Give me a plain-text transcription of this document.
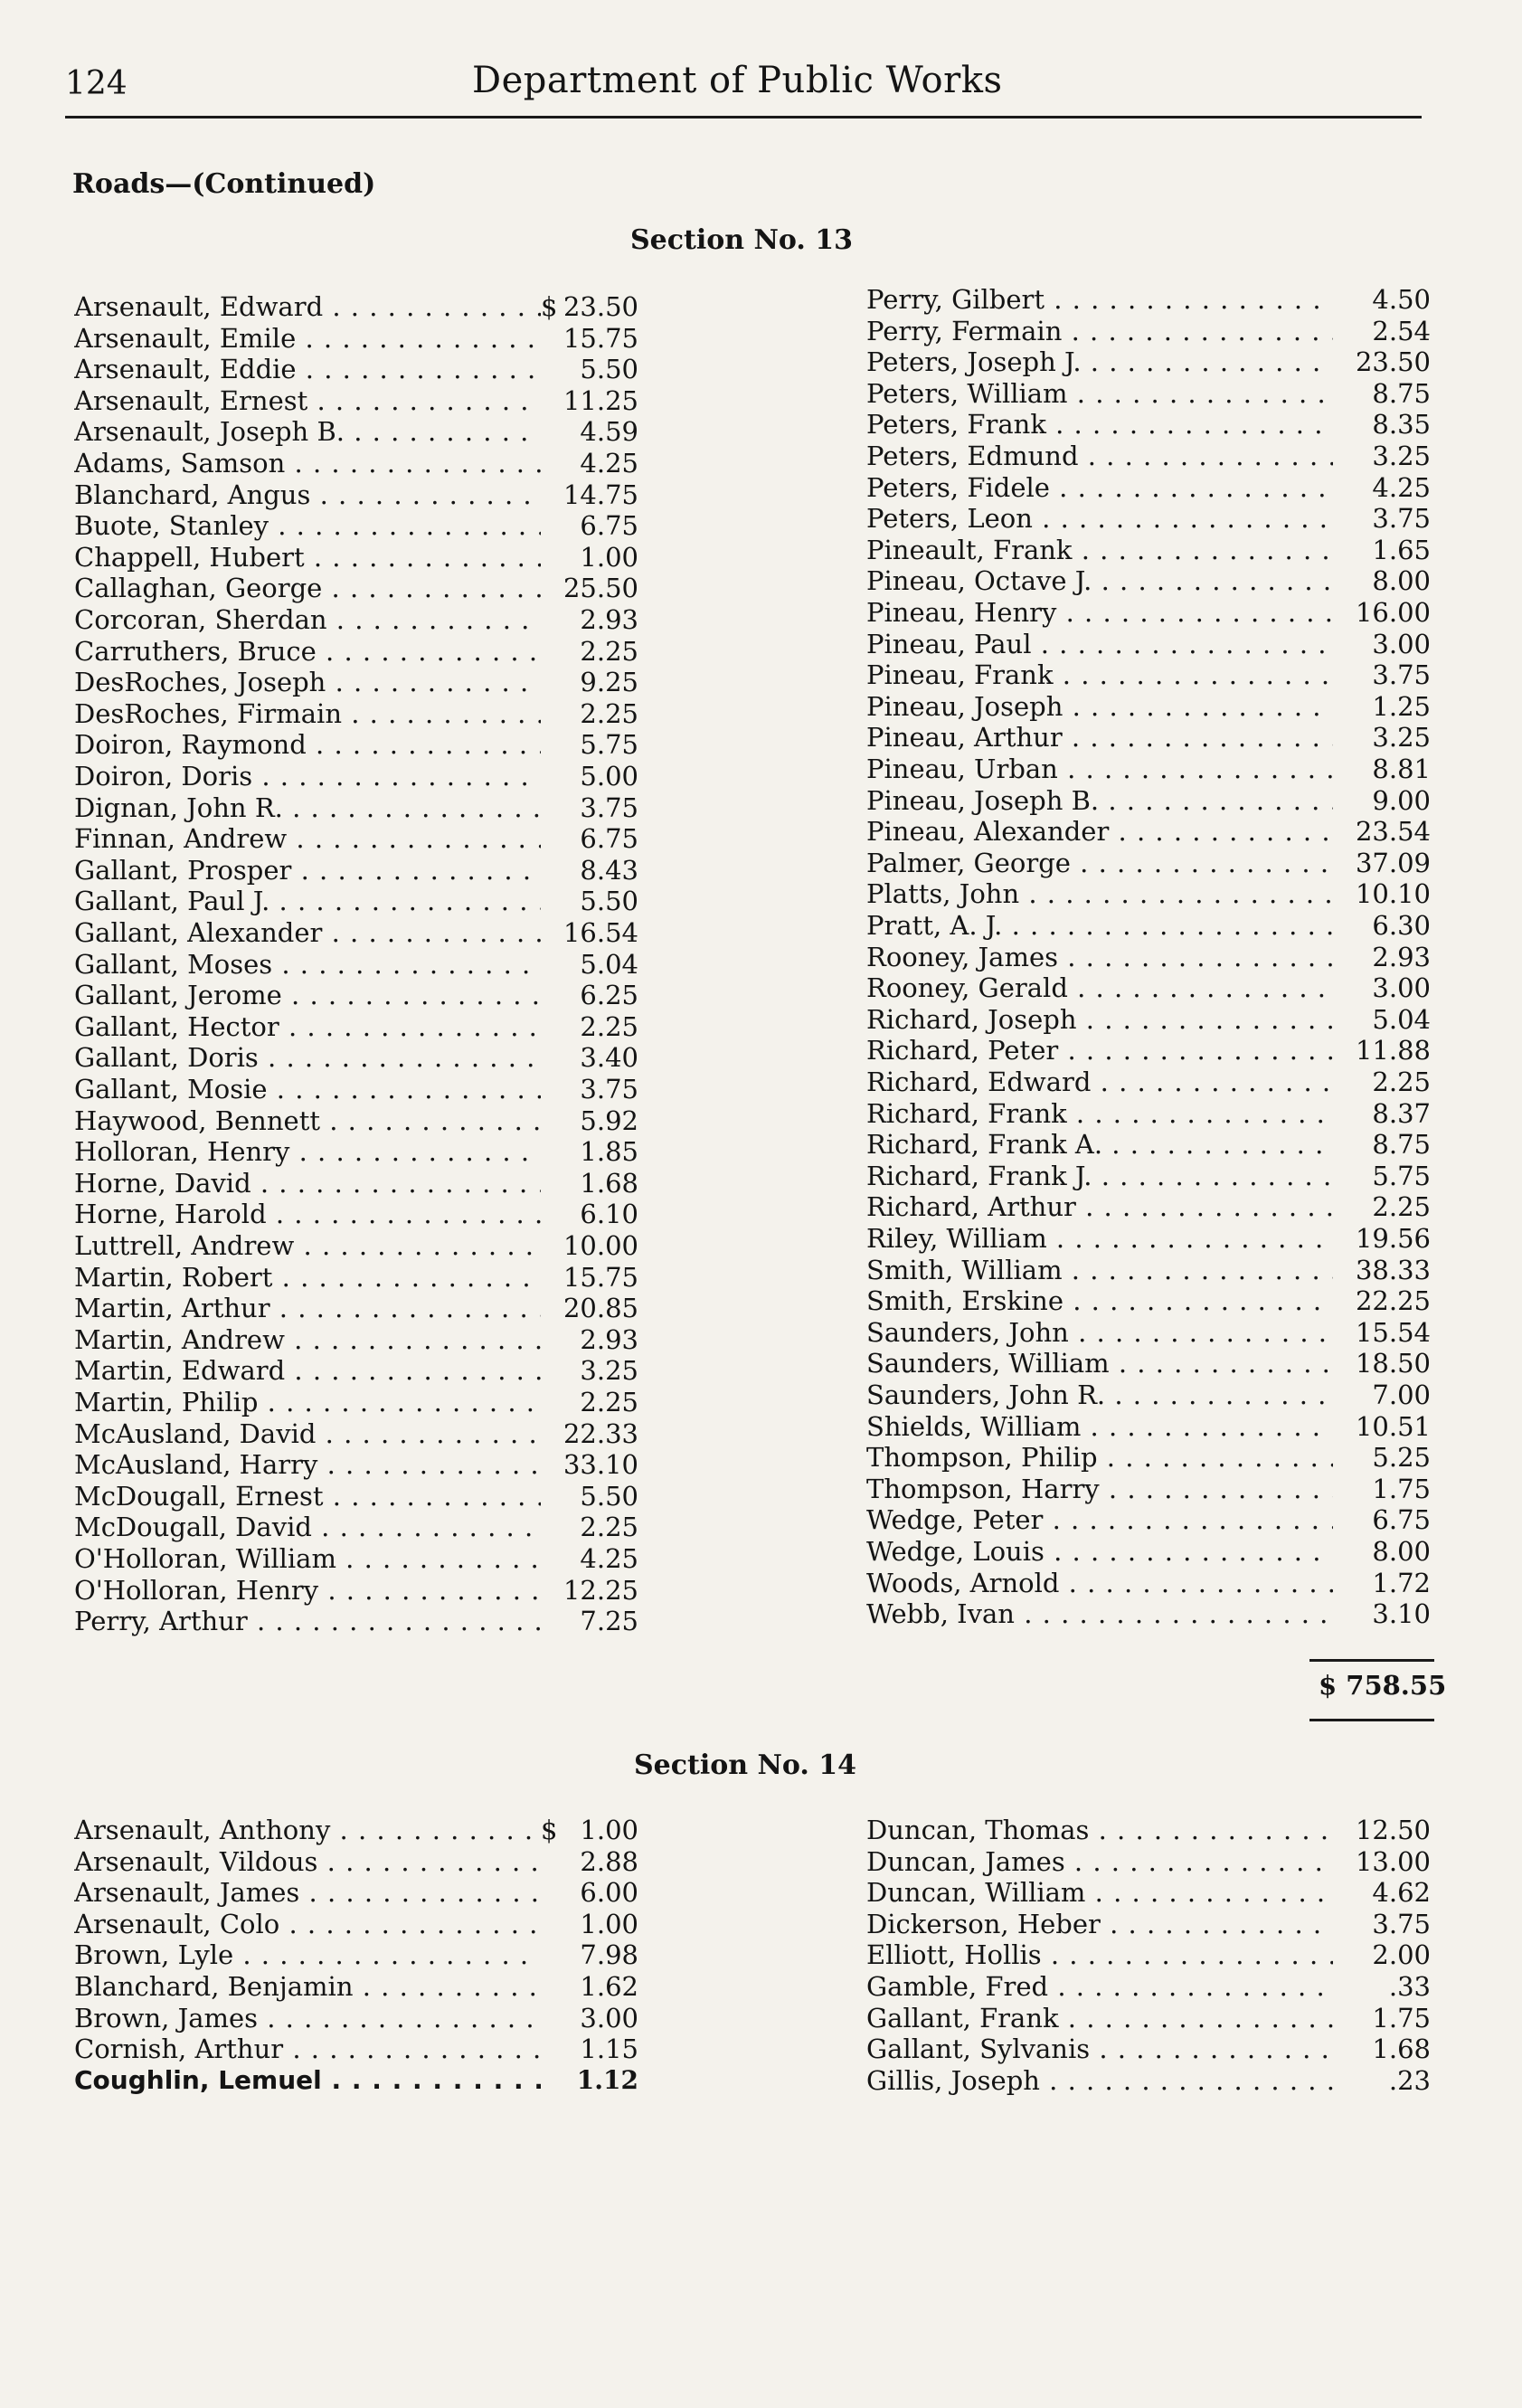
124	Department of Public Works
Roads—(Continued)
Section No. 13
Arsenault, Edward . . .	$ 23.50
Arsenault, Emile . . .	15.75
Arsenault, Eddie . . .	5.50
Arsenault, Ernest . . .	11.25
Arsenault, Joseph B. . . .	4.59
Adams, Samson . . .	4.25
Blanchard, Angus . . .	14.75
Buote, Stanley . . .	6.75
Chappell, Hubert . . .	1.00
Callaghan, George . . .	25.50
Corcoran, Sherdan . . .	2.93
Carruthers, Bruce . . .	2.25
DesRoches, Joseph . . .	9.25
DesRoches, Firmain . . .	2.25
Doiron, Raymond . . .	5.75
Doiron, Doris . . .	5.00
Dignan, John R. . . .	3.75
Finnan, Andrew . . .	6.75
Gallant, Prosper . . .	8.43
Gallant, Paul J. . . .	5.50
Gallant, Alexander . . .	16.54
Gallant, Moses . . .	5.04
Gallant, Jerome . . .	6.25
Gallant, Hector . . .	2.25
Gallant, Doris . . .	3.40
Gallant, Mosie . . .	3.75
Haywood, Bennett . . .	5.92
Holloran, Henry . . .	1.85
Horne, David . . .	1.68
Horne, Harold . . .	6.10
Luttrell, Andrew . . .	10.00
Martin, Robert . . .	15.75
Martin, Arthur . . .	20.85
Martin, Andrew . . .	2.93
Martin, Edward . . .	3.25
Martin, Philip . . .	2.25
McAusland, David . . .	22.33
McAusland, Harry . . .	33.10
McDougall, Ernest . . .	5.50
McDougall, David . . .	2.25
O'Holloran, William . . .	4.25
O'Holloran, Henry . . .	12.25
Perry, Arthur . . .	7.25
Perry, Gilbert . . .	4.50
Perry, Fermain . . .	2.54
Peters, Joseph J. . . .	23.50
Peters, William . . .	8.75
Peters, Frank . . .	8.35
Peters, Edmund . . .	3.25
Peters, Fidele . . .	4.25
Peters, Leon . . .	3.75
Pineault, Frank . . .	1.65
Pineau, Octave J. . . .	8.00
Pineau, Henry . . .	16.00
Pineau, Paul . . .	3.00
Pineau, Frank . . .	3.75
Pineau, Joseph . . .	1.25
Pineau, Arthur . . .	3.25
Pineau, Urban . . .	8.81
Pineau, Joseph B. . . .	9.00
Pineau, Alexander . . .	23.54
Palmer, George . . .	37.09
Platts, John . . .	10.10
Pratt, A. J. . . .	6.30
Rooney, James . . .	2.93
Rooney, Gerald . . .	3.00
Richard, Joseph . . .	5.04
Richard, Peter . . .	11.88
Richard, Edward . . .	2.25
Richard, Frank . . .	8.37
Richard, Frank A. . . .	8.75
Richard, Frank J. . . .	5.75
Richard, Arthur . . .	2.25
Riley, William . . .	19.56
Smith, William . . .	38.33
Smith, Erskine . . .	22.25
Saunders, John . . .	15.54
Saunders, William . . .	18.50
Saunders, John R. . . .	7.00
Shields, William . . .	10.51
Thompson, Philip . . .	5.25
Thompson, Harry . . .	1.75
Wedge, Peter . . .	6.75
Wedge, Louis . . .	8.00
Woods, Arnold . . .	1.72
Webb, Ivan . . .	3.10
$ 758.55
Section No. 14
Arsenault, Anthony . . .	$ 1.00
Arsenault, Vildous . . .	2.88
Arsenault, James . . .	6.00
Arsenault, Colo . . .	1.00
Brown, Lyle . . .	7.98
Blanchard, Benjamin . . .	1.62
Brown, James . . .	3.00
Cornish, Arthur . . .	1.15
Coughlin, Lemuel . . .	1.12
Duncan, Thomas . . .	12.50
Duncan, James . . .	13.00
Duncan, William . . .	4.62
Dickerson, Heber . . .	3.75
Elliott, Hollis . . .	2.00
Gamble, Fred . . .	.33
Gallant, Frank . . .	1.75
Gallant, Sylvanis . . .	1.68
Gillis, Joseph . . .	.23
